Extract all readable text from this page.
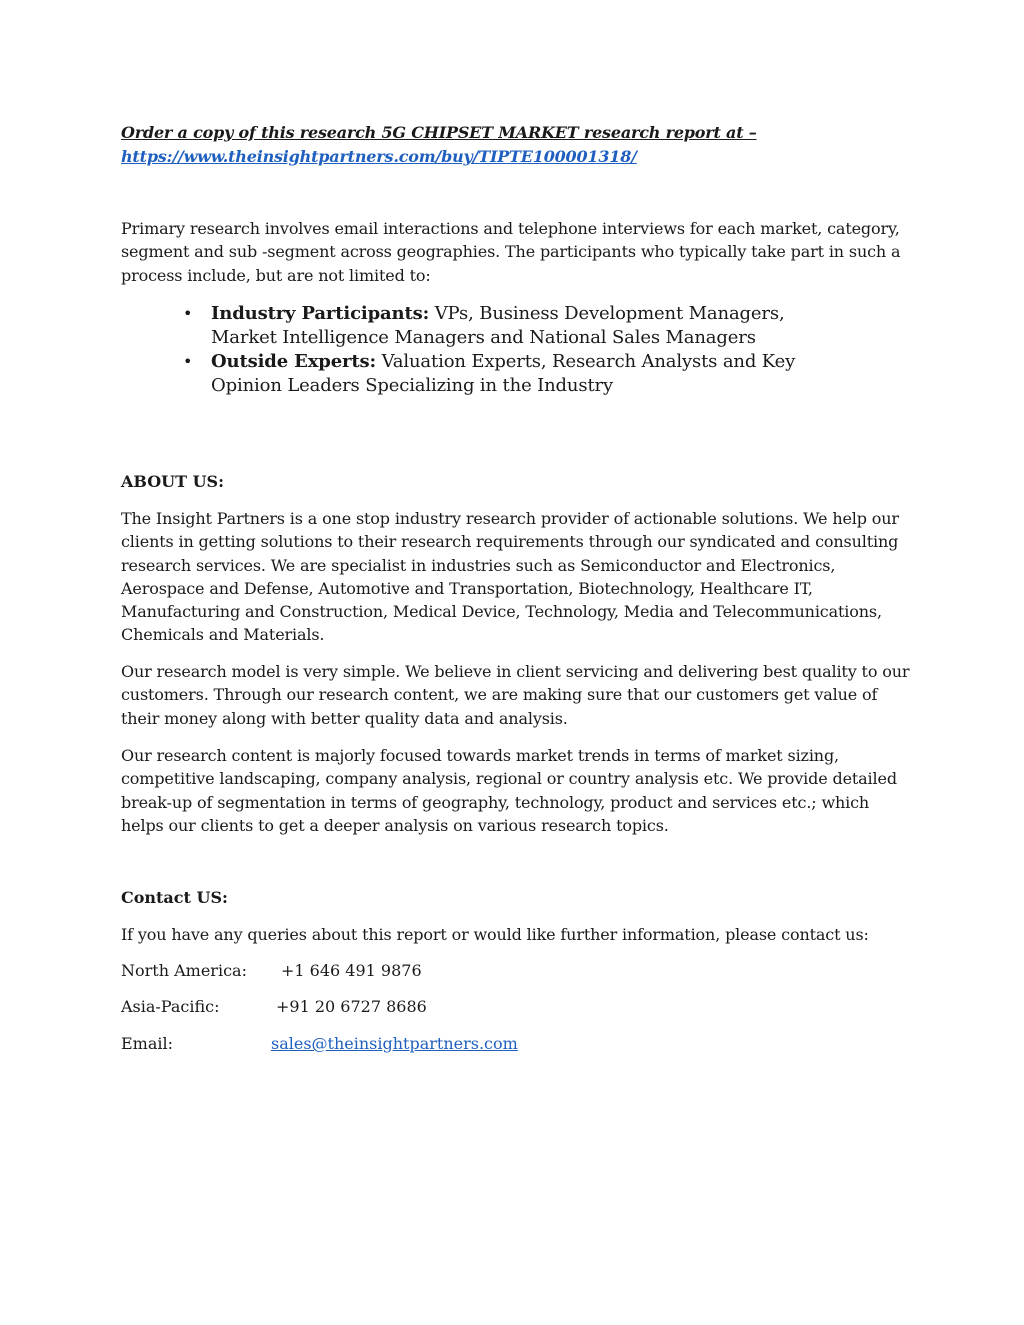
Order a copy of this research 5G CHIPSET MARKET research report at –
https://www.theinsightpartners.com/buy/TIPTE100001318/

Primary research involves email interactions and telephone interviews for each market, category, segment and sub -segment across geographies. The participants who typically take part in such a process include, but are not limited to:

• Industry Participants: VPs, Business Development Managers, Market Intelligence Managers and National Sales Managers
• Outside Experts: Valuation Experts, Research Analysts and Key Opinion Leaders Specializing in the Industry
ABOUT US:

The Insight Partners is a one stop industry research provider of actionable solutions. We help our clients in getting solutions to their research requirements through our syndicated and consulting research services. We are specialist in industries such as Semiconductor and Electronics, Aerospace and Defense, Automotive and Transportation, Biotechnology, Healthcare IT, Manufacturing and Construction, Medical Device, Technology, Media and Telecommunications, Chemicals and Materials.

Our research model is very simple. We believe in client servicing and delivering best quality to our customers. Through our research content, we are making sure that our customers get value of their money along with better quality data and analysis.

Our research content is majorly focused towards market trends in terms of market sizing, competitive landscaping, company analysis, regional or country analysis etc. We provide detailed break-up of segmentation in terms of geography, technology, product and services etc.; which helps our clients to get a deeper analysis on various research topics.

Contact US:

If you have any queries about this report or would like further information, please contact us:

North America: +1 646 491 9876
Asia-Pacific:	+91 20 6727 8686
Email:	sales@theinsightpartners.com
